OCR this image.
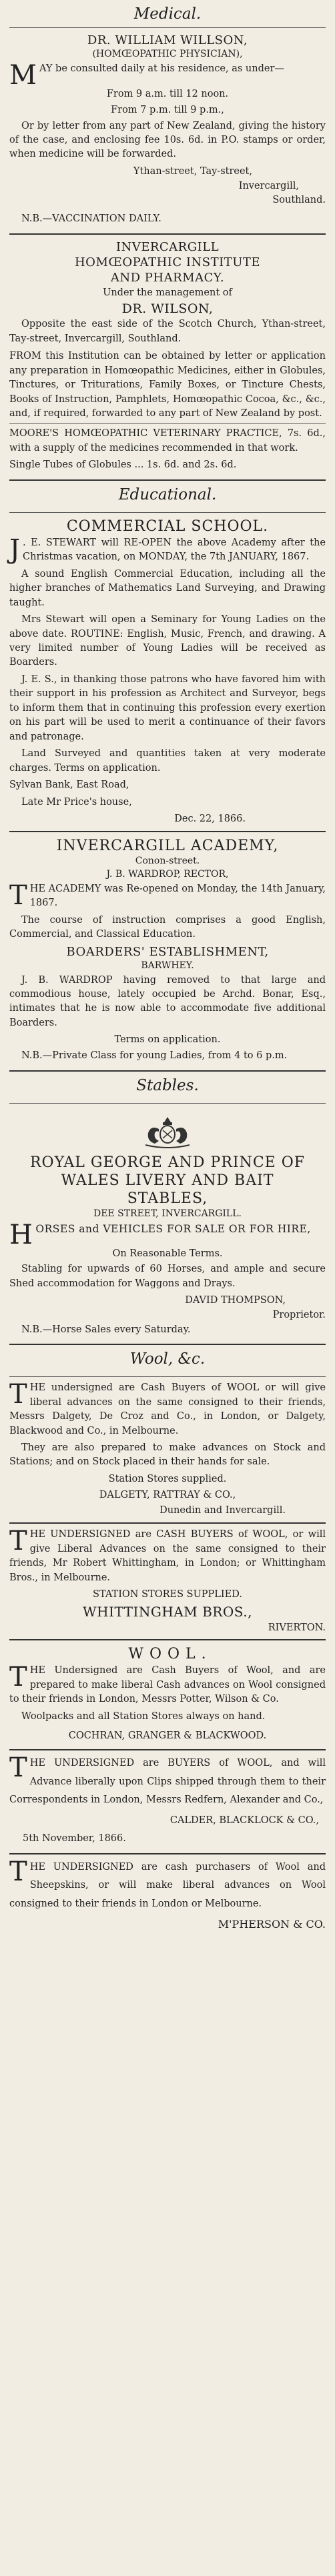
Medical.
DR. WILLIAM WILLSON,
(HOMŒOPATHIC PHYSICIAN),
MAY be consulted daily at his residence, as under—
From 9 a.m. till 12 noon.
From 7 p.m. till 9 p.m.,
Or by letter from any part of New Zealand, giving the history of the case, and enclosing fee 10s. 6d. in P.O. stamps or order, when medicine will be forwarded.
Ythan-street, Tay-street,
Invercargill,
Southland.
N.B.—VACCINATION DAILY.
INVERCARGILL
HOMŒOPATHIC INSTITUTE
AND PHARMACY.
Under the management of
DR. WILSON,
Opposite the east side of the Scotch Church, Ythan-street, Tay-street, Invercargill, Southland.
FROM this Institution can be obtained by letter or application any preparation in Homœopathic Medicines, either in Globules, Tinctures, or Triturations, Family Boxes, or Tincture Chests, Books of Instruction, Pamphlets, Homœopathic Cocoa, &c., &c., and, if required, forwarded to any part of New Zealand by post.
MOORE'S HOMŒOPATHIC VETERINARY PRACTICE, 7s. 6d., with a supply of the medicines recommended in that work.
Single Tubes of Globules ... 1s. 6d. and 2s. 6d.
Educational.
COMMERCIAL SCHOOL.
J . E. STEWART will RE-OPEN the above Academy after the Christmas vacation, on MONDAY, the 7th JANUARY, 1867.
A sound English Commercial Education, including all the higher branches of Mathematics Land Surveying, and Drawing taught.
Mrs Stewart will open a Seminary for Young Ladies on the above date. ROUTINE: English, Music, French, and drawing. A very limited number of Young Ladies will be received as Boarders.
J. E. S., in thanking those patrons who have favored him with their support in his profession as Architect and Surveyor, begs to inform them that in continuing this profession every exertion on his part will be used to merit a continuance of their favors and patronage.
Land Surveyed and quantities taken at very moderate charges. Terms on application.
Sylvan Bank, East Road,
Late Mr Price's house,
Dec. 22, 1866.
INVERCARGILL ACADEMY,
Conon-street.
J. B. WARDROP, RECTOR,
THE ACADEMY was Re-opened on Monday, the 14th January, 1867.
The course of instruction comprises a good English, Commercial, and Classical Education.
BOARDERS' ESTABLISHMENT,
BARWHEY.
J. B. WARDROP having removed to that large and commodious house, lately occupied be Archd. Bonar, Esq., intimates that he is now able to accommodate five additional Boarders.
Terms on application.
N.B.—Private Class for young Ladies, from 4 to 6 p.m.
Stables.
ROYAL GEORGE AND PRINCE OF
WALES LIVERY AND BAIT
STABLES,
DEE STREET, INVERCARGILL.
HORSES and VEHICLES FOR SALE OR FOR HIRE,
On Reasonable Terms.
Stabling for upwards of 60 Horses, and ample and secure Shed accommodation for Waggons and Drays.
DAVID THOMPSON,
Proprietor.
N.B.—Horse Sales every Saturday.
Wool, &c.
THE undersigned are Cash Buyers of WOOL or will give liberal advances on the same consigned to their friends, Messrs Dalgety, De Croz and Co., in London, or Dalgety, Blackwood and Co., in Melbourne.
They are also prepared to make advances on Stock and Stations; and on Stock placed in their hands for sale.
Station Stores supplied.
DALGETY, RATTRAY & CO.,
Dunedin and Invercargill.
THE UNDERSIGNED are CASH BUYERS of WOOL, or will give Liberal Advances on the same consigned to their friends, Mr Robert Whittingham, in London; or Whittingham Bros., in Melbourne.
STATION STORES SUPPLIED.
WHITTINGHAM BROS.,
RIVERTON.
W O O L .
THE Undersigned are Cash Buyers of Wool, and are prepared to make liberal Cash advances on Wool consigned to their friends in London, Messrs Potter, Wilson & Co.
Woolpacks and all Station Stores always on hand.
COCHRAN, GRANGER & BLACKWOOD.
THE UNDERSIGNED are BUYERS of WOOL, and will Advance liberally upon Clips shipped through them to their Correspondents in London, Messrs Redfern, Alexander and Co.,
CALDER, BLACKLOCK & CO.,
5th November, 1866.
THE UNDERSIGNED are cash purchasers of Wool and Sheepskins, or will make liberal advances on Wool consigned to their friends in London or Melbourne.
M'PHERSON & CO.
